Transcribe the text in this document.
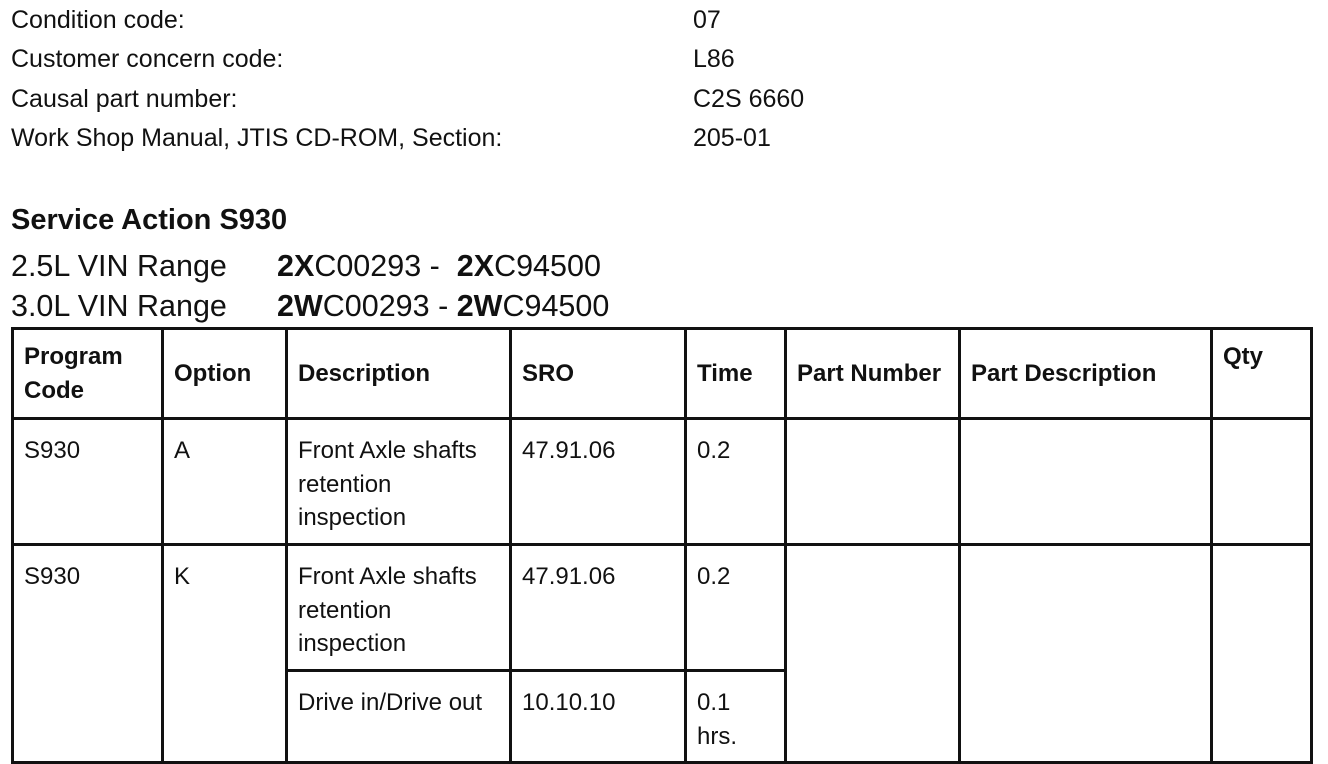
Condition code:	07
Customer concern code:	L86
Causal part number:	C2S 6660
Work Shop Manual, JTIS CD-ROM, Section:	205-01
Service Action S930
2.5L VIN Range	2XC00293 -  2XC94500
3.0L VIN Range	2WC00293 - 2WC94500
Program Code	Option	Description	SRO	Time	Part Number	Part Description	Qty
S930	A	Front Axle shafts retention inspection	47.91.06	0.2			
S930	K	Front Axle shafts retention inspection	47.91.06	0.2			
		Drive in/Drive out	10.10.10	0.1 hrs.			
